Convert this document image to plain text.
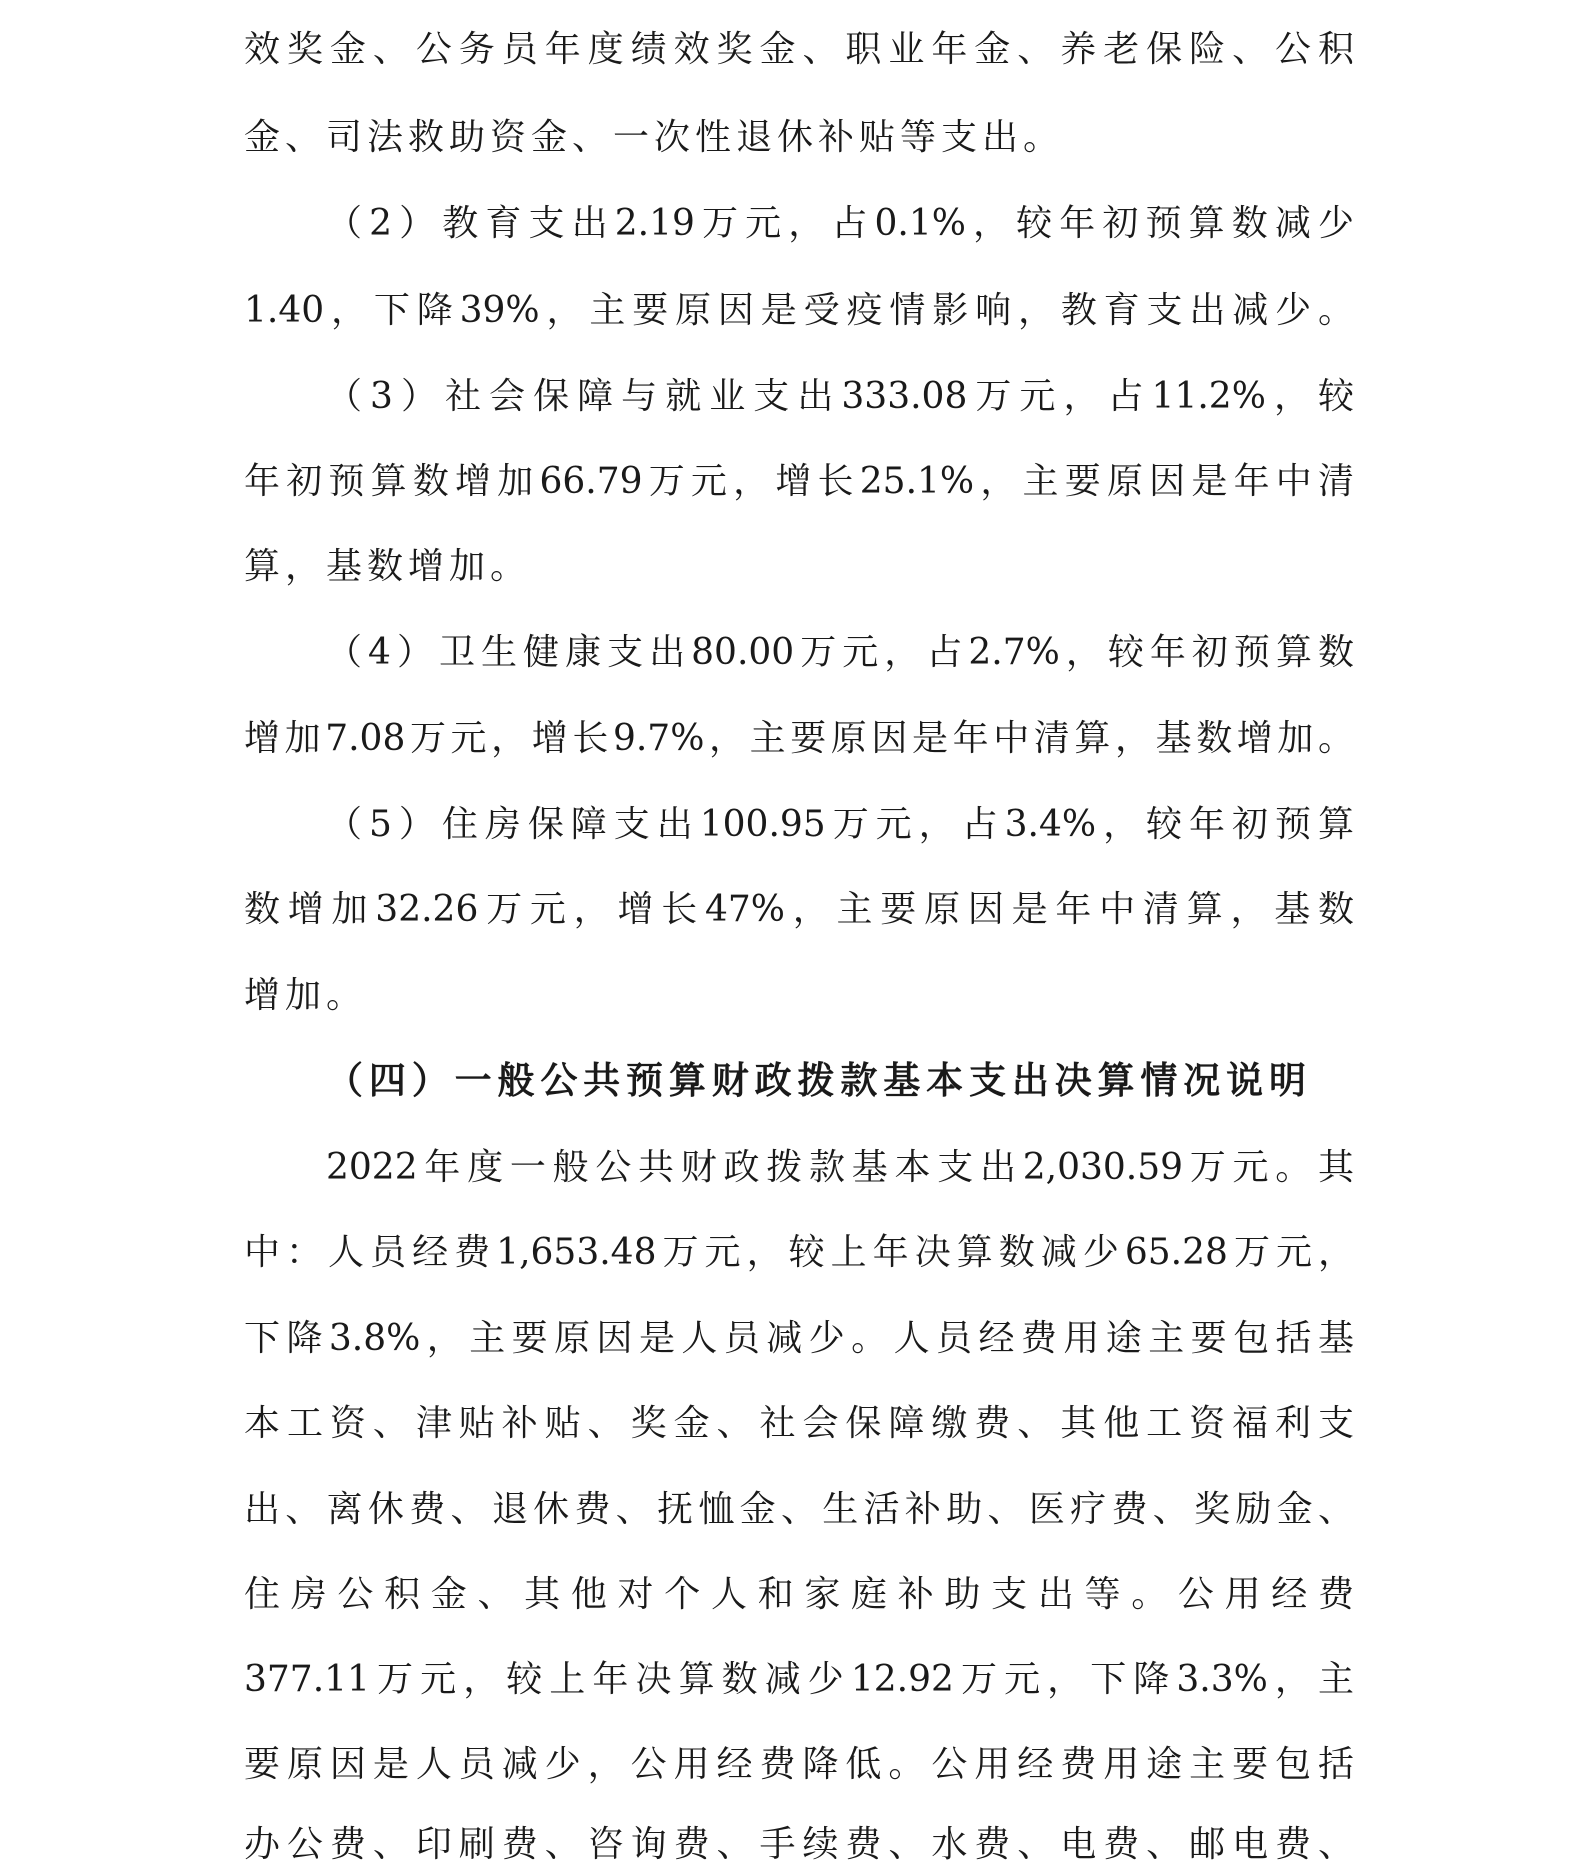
效奖金、公务员年度绩效奖金、职业年金、养老保险、公积
金、司法救助资金、一次性退休补贴等支出。
（2）教育支出2.19万元，占0.1%，较年初预算数减少
1.40，下降39%，主要原因是受疫情影响，教育支出减少。
（3）社会保障与就业支出333.08万元，占11.2%，较
年初预算数增加66.79万元，增长25.1%，主要原因是年中清
算，基数增加。
（4）卫生健康支出80.00万元，占2.7%，较年初预算数
增加7.08万元，增长9.7%，主要原因是年中清算，基数增加。
（5）住房保障支出100.95万元，占3.4%，较年初预算
数增加32.26万元，增长47%，主要原因是年中清算，基数
增加。
（四）一般公共预算财政拨款基本支出决算情况说明
2022年度一般公共财政拨款基本支出2,030.59万元。其
中：人员经费1,653.48万元，较上年决算数减少65.28万元，
下降3.8%，主要原因是人员减少。人员经费用途主要包括基
本工资、津贴补贴、奖金、社会保障缴费、其他工资福利支
出、离休费、退休费、抚恤金、生活补助、医疗费、奖励金、
住房公积金、其他对个人和家庭补助支出等。公用经费
377.11万元，较上年决算数减少12.92万元，下降3.3%，主
要原因是人员减少，公用经费降低。公用经费用途主要包括
办公费、印刷费、咨询费、手续费、水费、电费、邮电费、
